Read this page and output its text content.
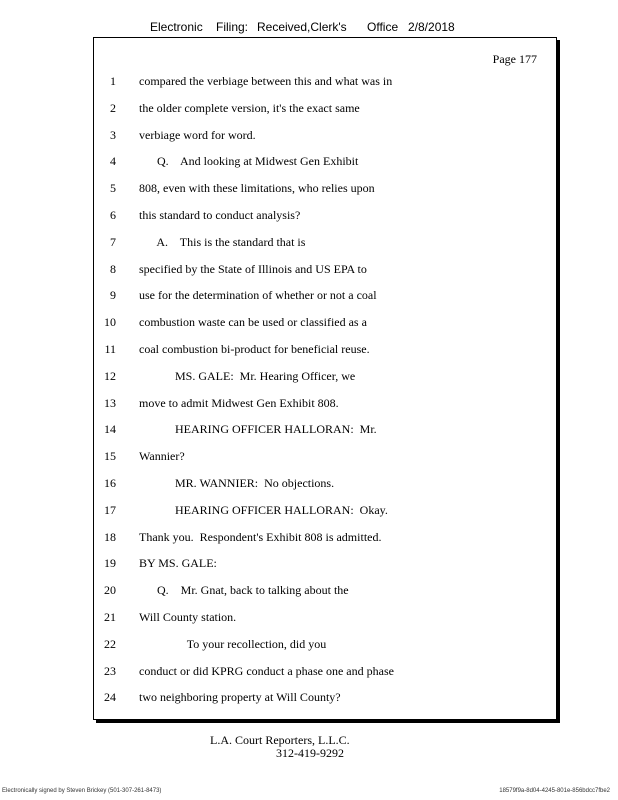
Electronic Filing: Received,Clerk's Office 2/8/2018
Page 177
1 compared the verbiage between this and what was in
2 the older complete version, it's the exact same
3 verbiage word for word.
4 Q.    And looking at Midwest Gen Exhibit
5 808, even with these limitations, who relies upon
6 this standard to conduct analysis?
7 A.    This is the standard that is
8 specified by the State of Illinois and US EPA to
9 use for the determination of whether or not a coal
10 combustion waste can be used or classified as a
11 coal combustion bi-product for beneficial reuse.
12 MS. GALE:  Mr. Hearing Officer, we
13 move to admit Midwest Gen Exhibit 808.
14 HEARING OFFICER HALLORAN:  Mr.
15 Wannier?
16 MR. WANNIER:  No objections.
17 HEARING OFFICER HALLORAN:  Okay.
18 Thank you.  Respondent's Exhibit 808 is admitted.
19 BY MS. GALE:
20 Q.    Mr. Gnat, back to talking about the
21 Will County station.
22 To your recollection, did you
23 conduct or did KPRG conduct a phase one and phase
24 two neighboring property at Will County?
L.A. Court Reporters, L.L.C.
312-419-9292
Electronically signed by Steven Brickey (501-307-261-8473)	18579f9a-8d04-4245-801e-856bdcc7fbe2
